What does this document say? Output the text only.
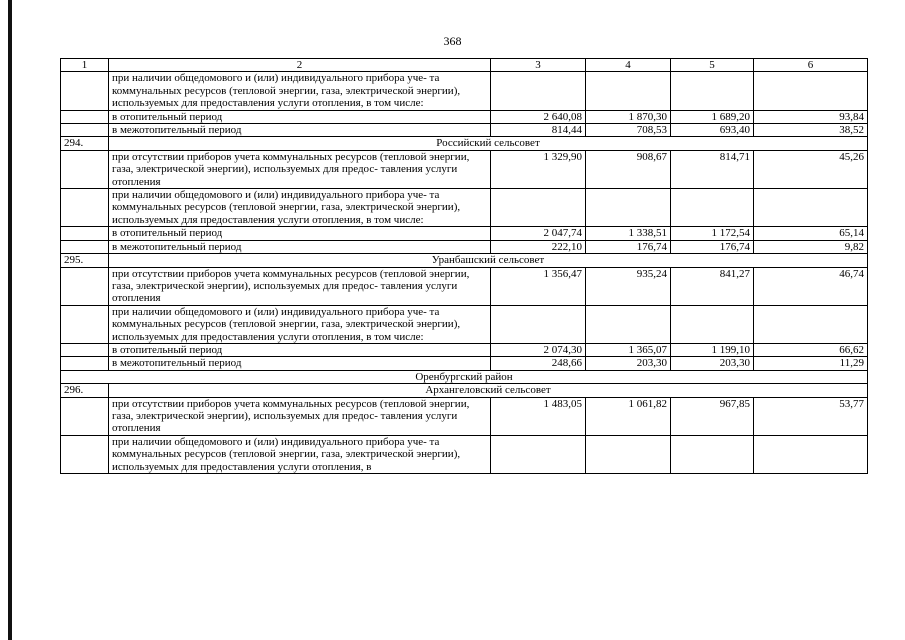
368
1	2	3	4	5	6
	при наличии общедомового и (или) индивидуального прибора уче- та коммунальных ресурсов (тепловой энергии, газа, электрической энергии), используемых для предоставления услуги отопления, в том числе:				
	в отопительный период	2 640,08	1 870,30	1 689,20	93,84
	в межотопительный период	814,44	708,53	693,40	38,52
294.	Российский сельсовет				
	при отсутствии приборов учета коммунальных ресурсов (тепловой энергии, газа, электрической энергии), используемых для предос- тавления услуги отопления	1 329,90	908,67	814,71	45,26
	при наличии общедомового и (или) индивидуального прибора уче- та коммунальных ресурсов (тепловой энергии, газа, электрической энергии), используемых для предоставления услуги отопления, в том числе:				
	в отопительный период	2 047,74	1 338,51	1 172,54	65,14
	в межотопительный период	222,10	176,74	176,74	9,82
295.	Уранбашский сельсовет				
	при отсутствии приборов учета коммунальных ресурсов (тепловой энергии, газа, электрической энергии), используемых для предос- тавления услуги отопления	1 356,47	935,24	841,27	46,74
	при наличии общедомового и (или) индивидуального прибора уче- та коммунальных ресурсов (тепловой энергии, газа, электрической энергии), используемых для предоставления услуги отопления, в том числе:				
	в отопительный период	2 074,30	1 365,07	1 199,10	66,62
	в межотопительный период	248,66	203,30	203,30	11,29
Оренбургский район					
296.	Архангеловский сельсовет				
	при отсутствии приборов учета коммунальных ресурсов (тепловой энергии, газа, электрической энергии), используемых для предос- тавления услуги отопления	1 483,05	1 061,82	967,85	53,77
	при наличии общедомового и (или) индивидуального прибора уче- та коммунальных ресурсов (тепловой энергии, газа, электрической энергии), используемых для предоставления услуги отопления, в				
